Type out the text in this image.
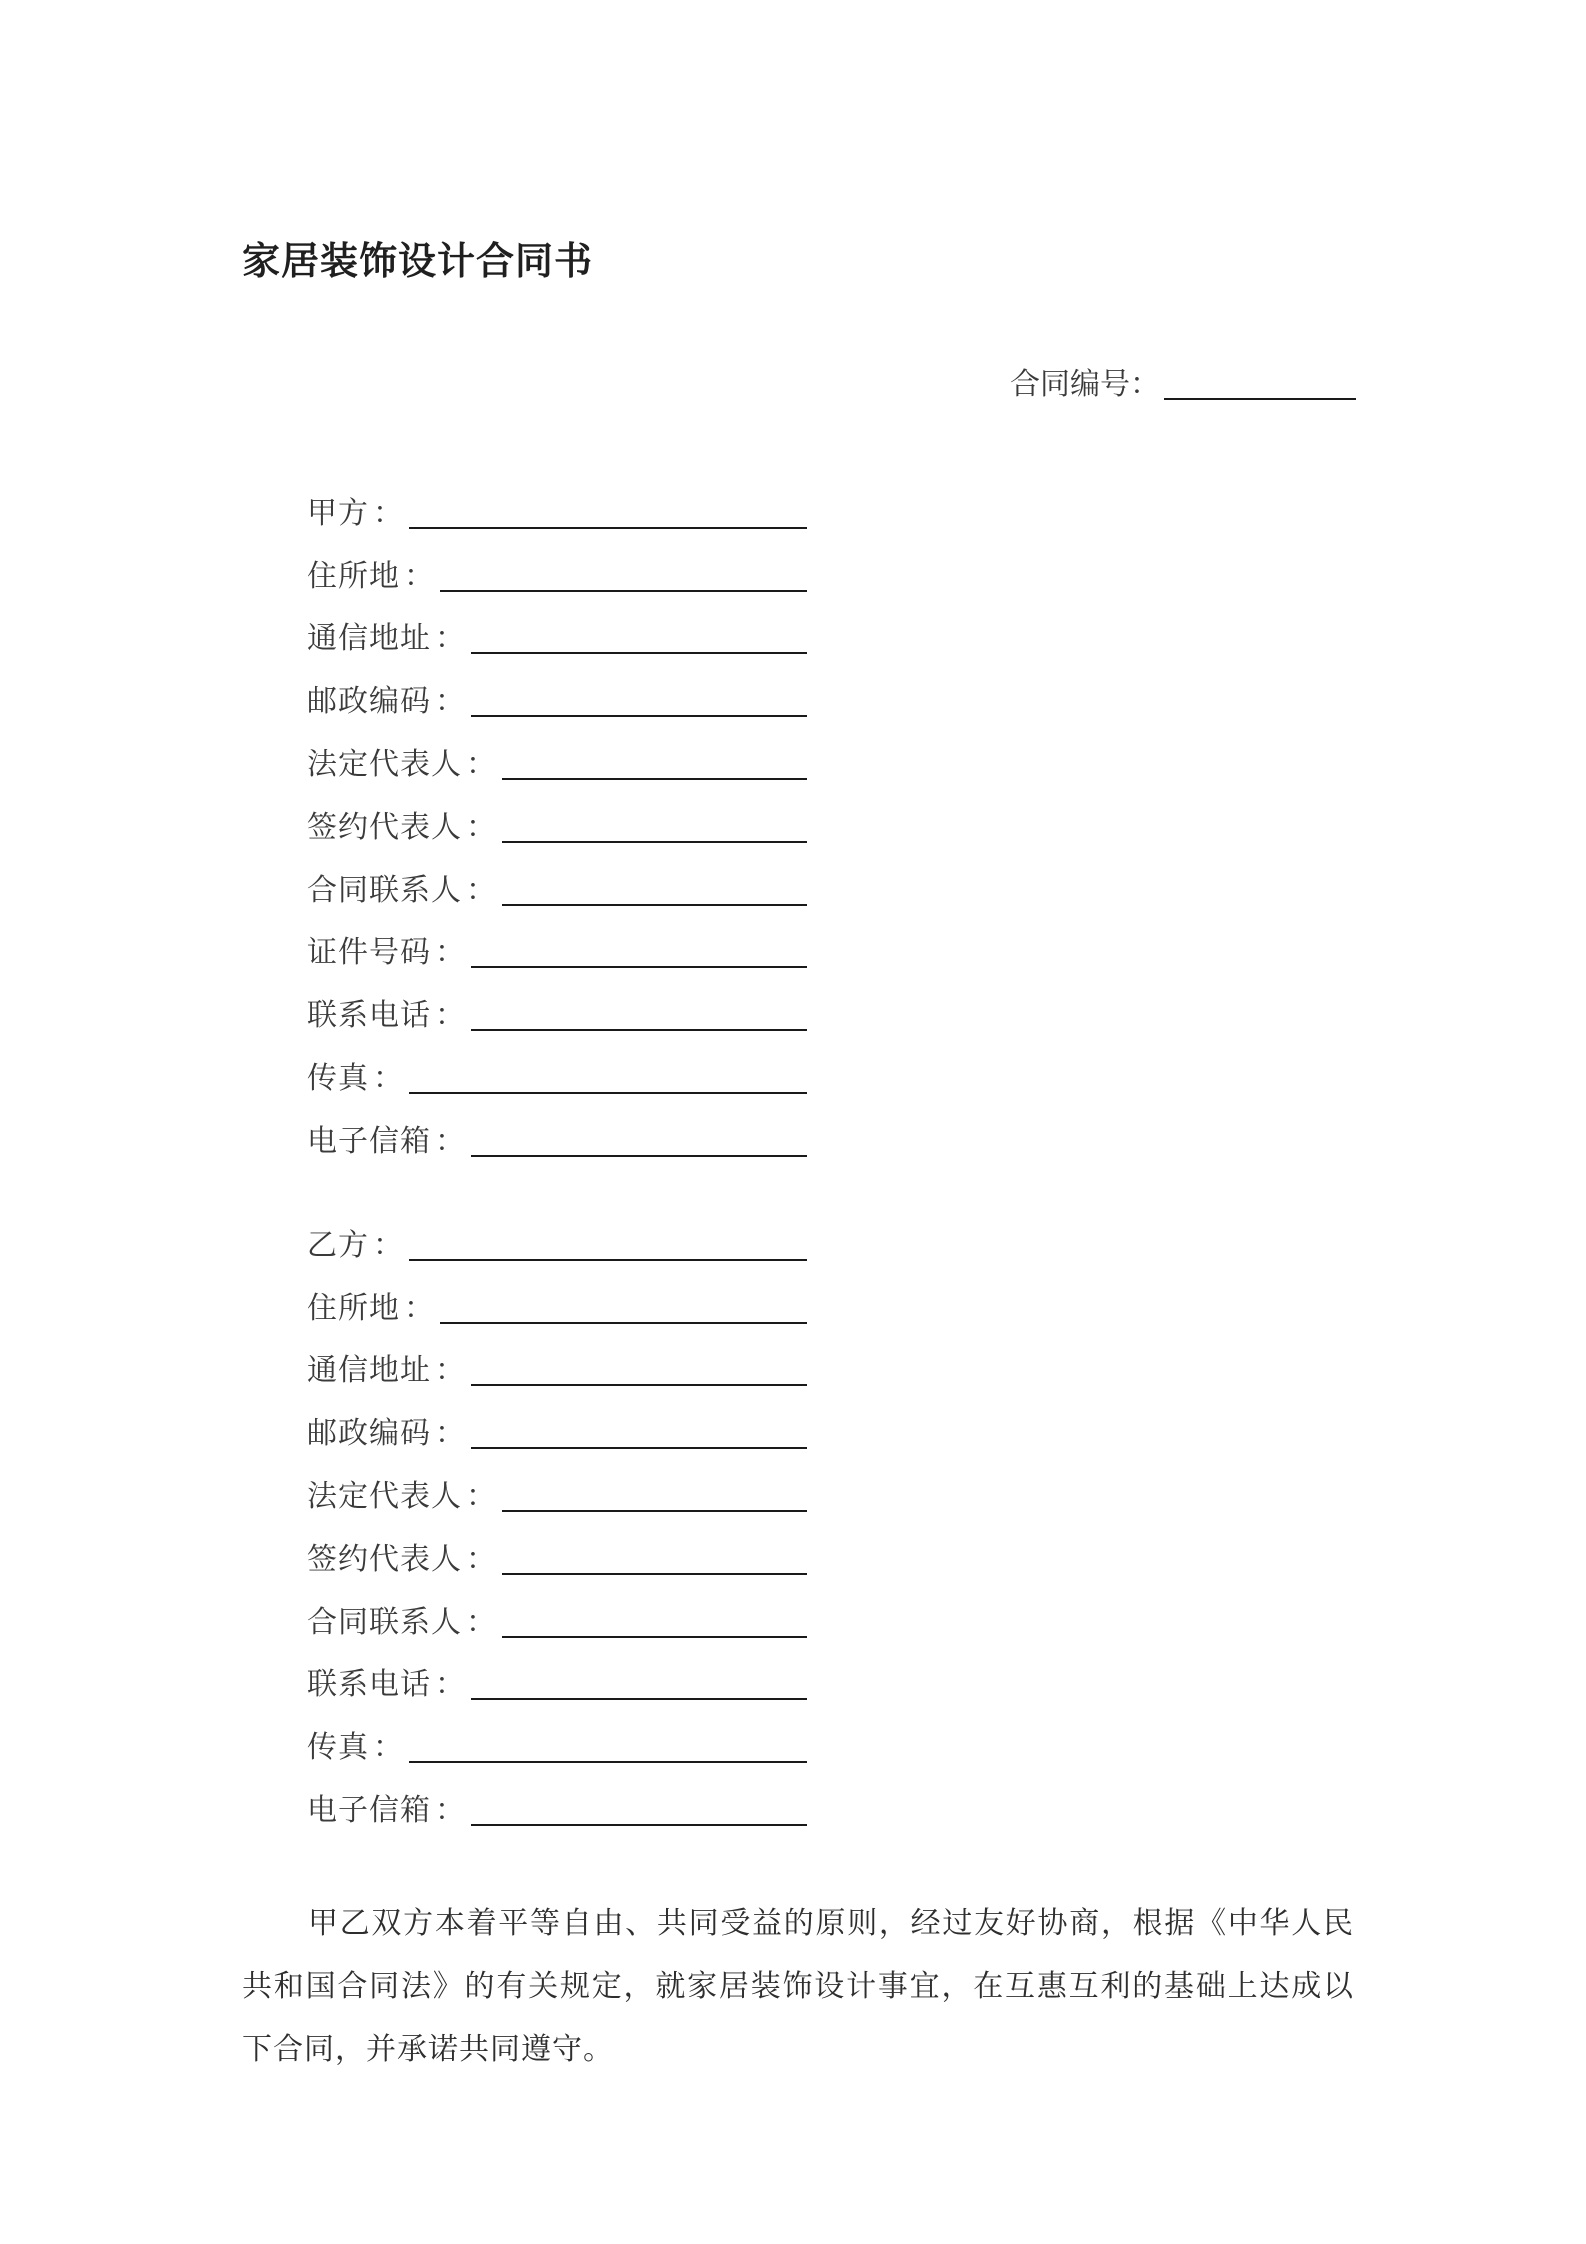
家居装饰设计合同书
合同编号 ：
甲方 ：
住所地 ：
通信地址 ：
邮政编码 ：
法定代表人 ：
签约代表人 ：
合同联系人 ：
证件号码 ：
联系电话 ：
传真 ：
电子信箱 ：
乙方 ：
住所地 ：
通信地址 ：
邮政编码 ：
法定代表人 ：
签约代表人 ：
合同联系人 ：
联系电话 ：
传真 ：
电子信箱 ：

甲乙双方本着平等自由、共同受益的原则，经过友好协商，根据《中华人民共和国合同法》的有关规定，就家居装饰设计事宜，在互惠互利的基础上达成以下合同，并承诺共同遵守。
